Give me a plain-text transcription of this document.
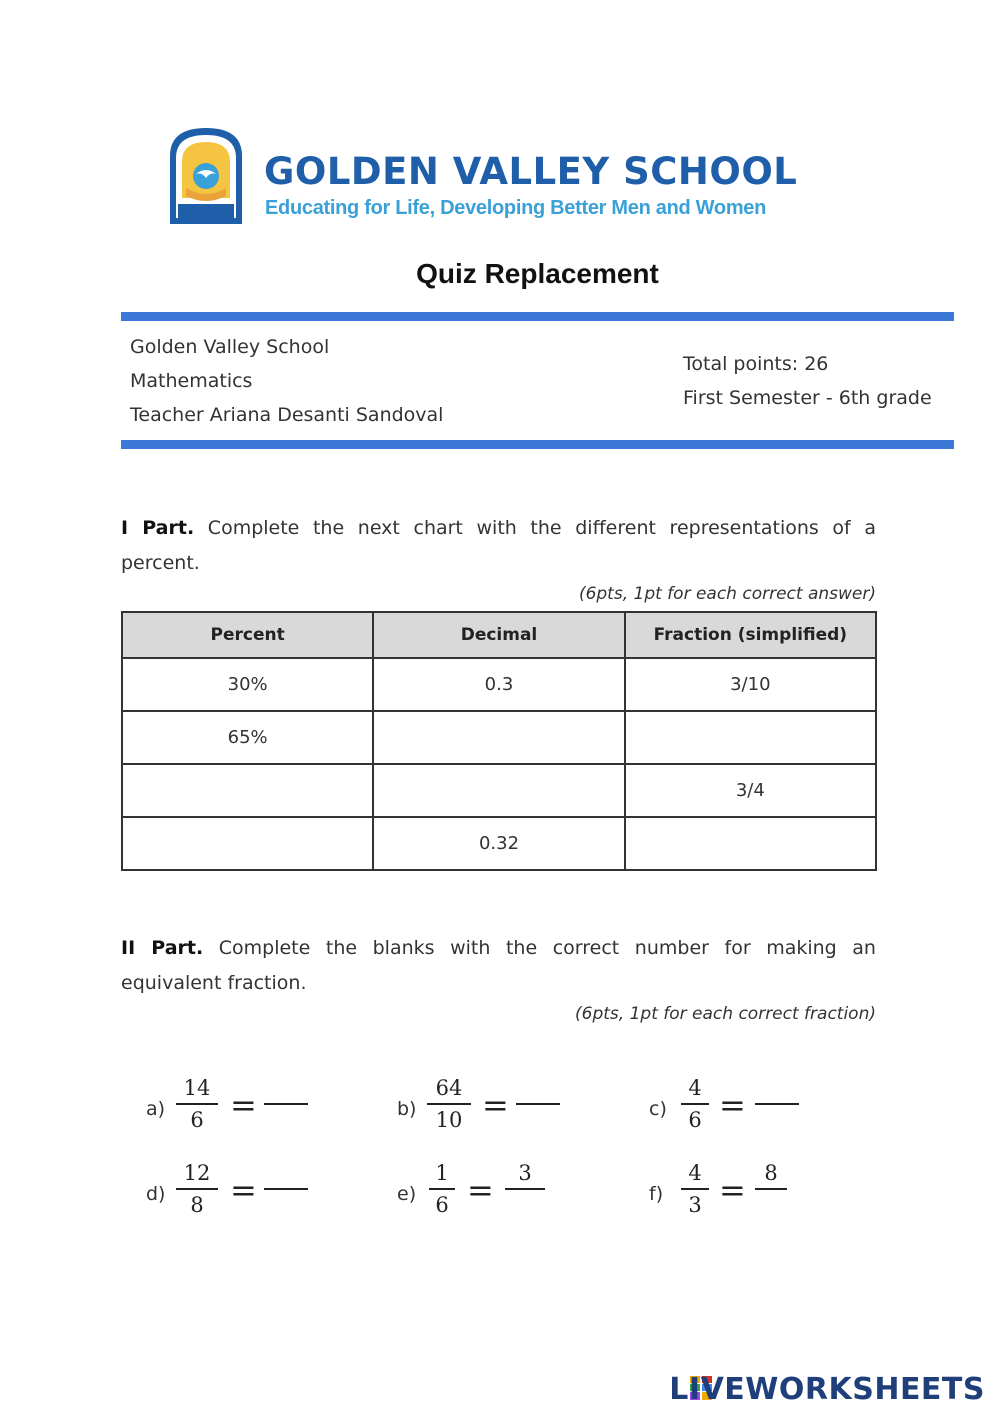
GOLDEN VALLEY SCHOOL
Educating for Life, Developing Better Men and Women
Quiz Replacement
Golden Valley School
Mathematics
Teacher Ariana Desanti Sandoval
Total points: 26
First Semester - 6th grade
I Part. Complete the next chart with the different representations of a percent.
(6pts, 1pt for each correct answer)
Percent	Decimal	Fraction (simplified)
30%	0.3	3/10
65%		
		3/4
	0.32	
II Part. Complete the blanks with the correct number for making an equivalent fraction.
(6pts, 1pt for each correct fraction)
a)
14
6 =	b)
64
10 =	c)
4
6 =
d)
12
8 =	e)
1
6 =	3
f)
4
3 = 8
LIVEWORKSHEETS
